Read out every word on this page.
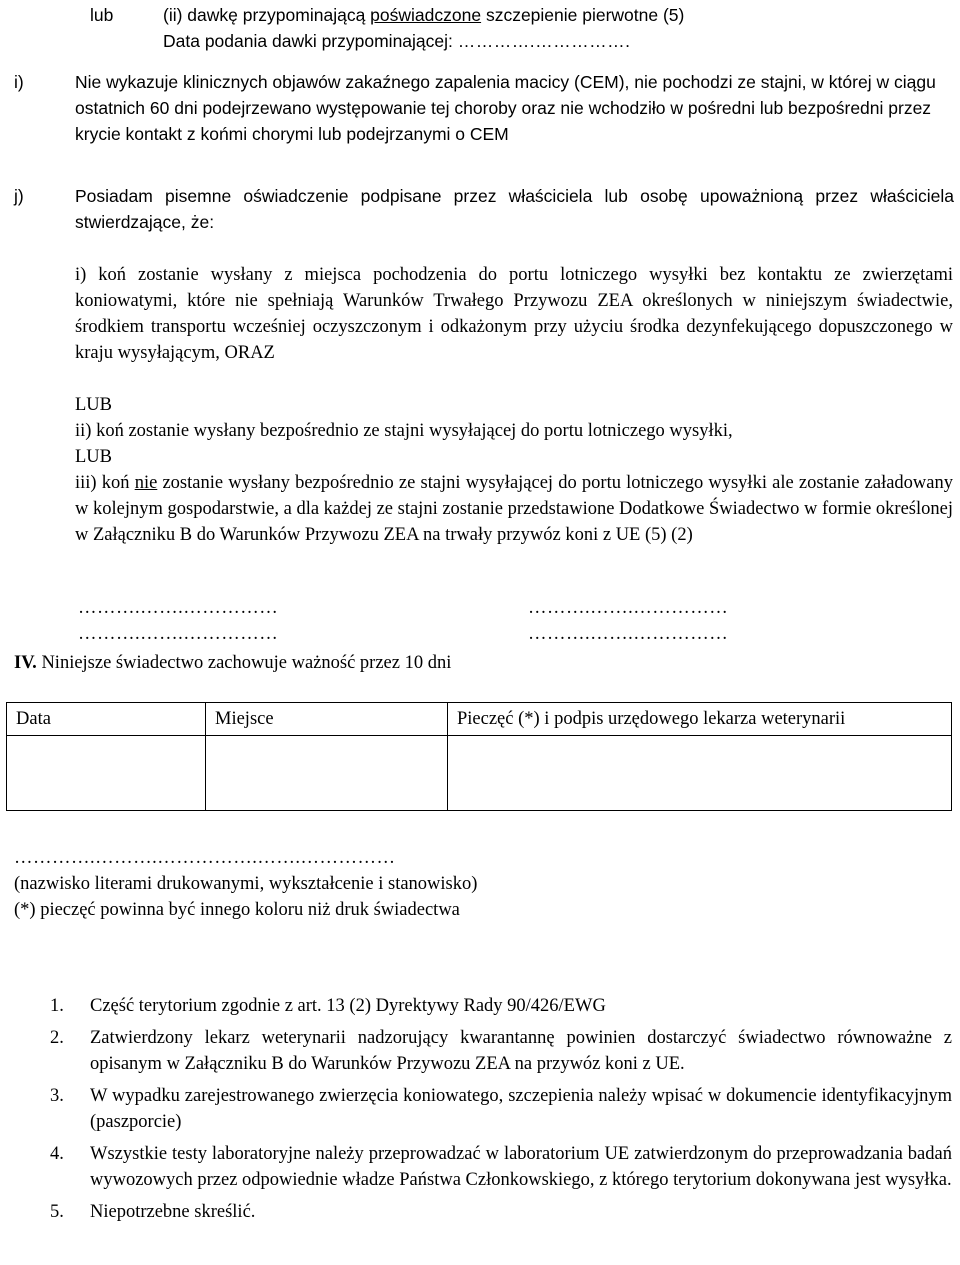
lub	(ii) dawkę przypominającą poświadczone szczepienie pierwotne (5)

Data podania dawki przypominającej: ………….…………….

i)	Nie wykazuje klinicznych objawów zakaźnego zapalenia macicy (CEM), nie pochodzi ze stajni, w której w ciągu ostatnich 60 dni podejrzewano występowanie tej choroby oraz nie wchodziło w pośredni lub bezpośredni przez krycie kontakt z końmi chorymi lub podejrzanymi o CEM
j)	Posiadam pisemne oświadczenie podpisane przez właściciela lub osobę upoważnioną przez właściciela stwierdzające, że:

i) koń zostanie wysłany z miejsca pochodzenia do portu lotniczego wysyłki bez kontaktu ze zwierzętami koniowatymi, które nie spełniają Warunków Trwałego Przywozu ZEA określonych w niniejszym świadectwie, środkiem transportu wcześniej oczyszczonym i odkażonym przy użyciu środka dezynfekującego dopuszczonego w kraju wysyłającym, ORAZ

LUB

ii) koń zostanie wysłany bezpośrednio ze stajni wysyłającej do portu lotniczego wysyłki,

LUB

iii) koń nie zostanie wysłany bezpośrednio ze stajni wysyłającej do portu lotniczego wysyłki ale zostanie załadowany w kolejnym gospodarstwie, a dla każdej ze stajni zostanie przedstawione Dodatkowe Świadectwo w formie określonej w Załączniku B do Warunków Przywozu ZEA na trwały przywóz koni z UE (5) (2)

……….…….……………	……….…….……………
……….…….……………	……….…….……………
IV. Niniejsze świadectwo zachowuje ważność przez 10 dni
Data	Miejsce	Pieczęć (*) i podpis urzędowego lekarza weterynarii

………….……….…………….…….……………

(nazwisko literami drukowanymi, wykształcenie i stanowisko)

(*) pieczęć powinna być innego koloru niż druk świadectwa

1. Część terytorium zgodnie z art. 13 (2) Dyrektywy Rady 90/426/EWG
2. Zatwierdzony lekarz weterynarii nadzorujący kwarantannę powinien dostarczyć świadectwo równoważne z opisanym w Załączniku B do Warunków Przywozu ZEA na przywóz koni z UE.
3. W wypadku zarejestrowanego zwierzęcia koniowatego, szczepienia należy wpisać w dokumencie identyfikacyjnym (paszporcie)
4. Wszystkie testy laboratoryjne należy przeprowadzać w laboratorium UE zatwierdzonym do przeprowadzania badań wywozowych przez odpowiednie władze Państwa Członkowskiego, z którego terytorium dokonywana jest wysyłka.
5. Niepotrzebne skreślić.
